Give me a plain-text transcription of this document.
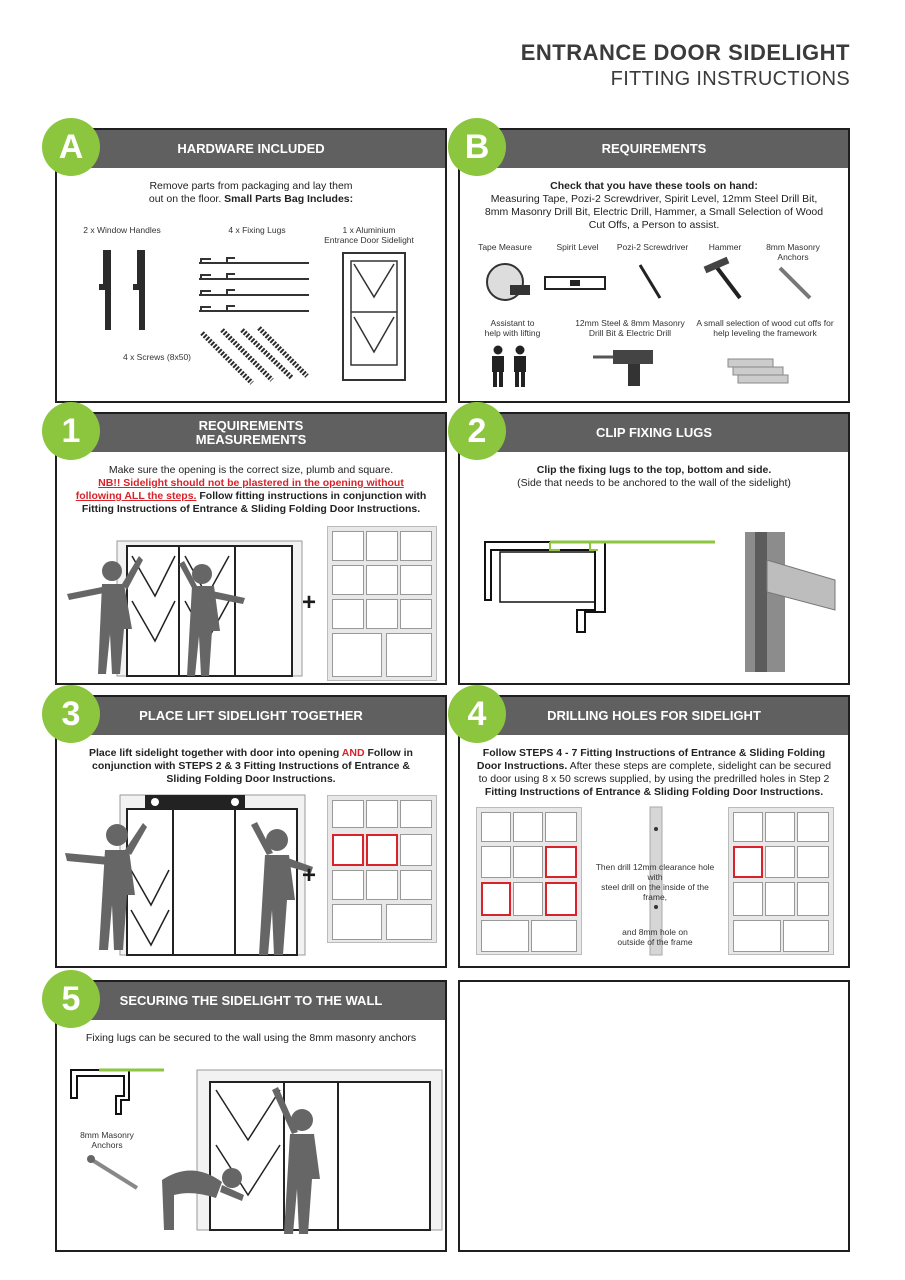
ENTRANCE DOOR SIDELIGHT
FITTING INSTRUCTIONS
A	HARDWARE INCLUDED
Remove parts from packaging and lay them
out on the floor. Small Parts Bag Includes:
2 x Window Handles	4 x Fixing Lugs	1 x Aluminium
Entrance Door Sidelight
4 x Screws (8x50)
B	REQUIREMENTS
Check that you have these tools on hand:
Measuring Tape, Pozi-2 Screwdriver, Spirit Level, 12mm Steel Drill Bit, 8mm Masonry Drill Bit, Electric Drill, Hammer, a Small Selection of Wood Cut Offs, a Person to assist.
Tape Measure	Spirit Level	Pozi-2 Screwdriver	Hammer	8mm Masonry
Anchors
Assistant to
help with lifting
12mm Steel & 8mm Masonry
Drill Bit & Electric Drill
A small selection of wood cut offs for
help leveling the framework
1	REQUIREMENTS
MEASUREMENTS
Make sure the opening is the correct size, plumb and square.
NB!! Sidelight should not be plastered in the opening without
following ALL the steps. Follow fitting instructions in conjunction with
Fitting Instructions of Entrance & Sliding Folding Door Instructions.
+
2	CLIP FIXING LUGS
Clip the fixing lugs to the top, bottom and side.
(Side that needs to be anchored to the wall of the sidelight)
3	PLACE LIFT SIDELIGHT TOGETHER
Place lift sidelight together with door into opening AND Follow in
conjunction with STEPS 2 & 3 Fitting Instructions of Entrance &
Sliding Folding Door Instructions.
+
4	DRILLING HOLES FOR SIDELIGHT
Follow STEPS 4 - 7 Fitting Instructions of Entrance & Sliding Folding
Door Instructions. After these steps are complete, sidelight can be secured
to door using 8 x 50 screws supplied, by using the predrilled holes in Step 2
Fitting Instructions of Entrance & Sliding Folding Door Instructions.
Then drill 12mm clearance hole with
steel drill on the inside of the frame,
and 8mm hole on
outside of the frame
5	SECURING THE SIDELIGHT TO THE WALL
Fixing lugs can be secured to the wall using the 8mm masonry anchors
8mm Masonry
Anchors
